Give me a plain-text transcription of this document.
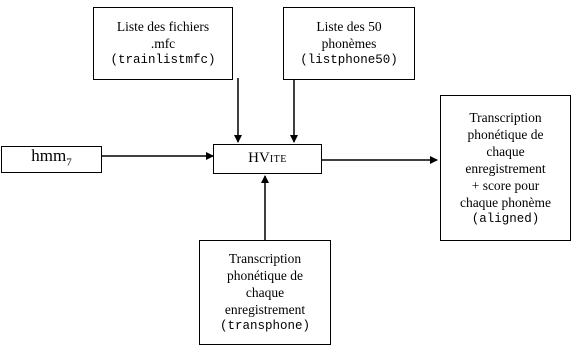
Liste des fichiers
.mfc
(trainlistmfc)
Liste des 50
phonèmes
(listphone50)
hmm$_7$	HVITE
Transcription
phonétique de
chaque
enregistrement
+ score pour
chaque phonème
(aligned)
Transcription
phonétique de
chaque
enregistrement
(transphone)
